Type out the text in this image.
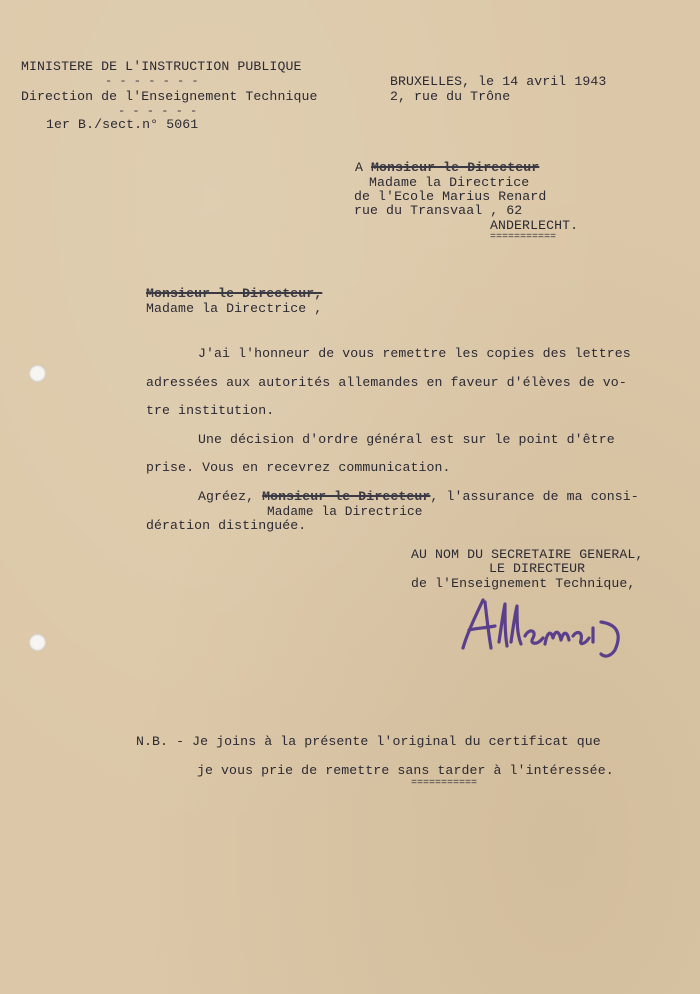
MINISTERE DE L'INSTRUCTION PUBLIQUE
- - - - - - -
Direction de l'Enseignement Technique
- - - - - -
1er B./sect.n° 5061
BRUXELLES, le 14 avril 1943
2, rue du Trône
A Monsieur le Directeur
Madame la Directrice
de l'Ecole Marius Renard
rue du Transvaal , 62
ANDERLECHT.
===========
Monsieur le Directeur,
Madame la Directrice ,
J'ai l'honneur de vous remettre les copies des lettres
adressées aux autorités allemandes en faveur d'élèves de vo-
tre institution.
Une décision d'ordre général est sur le point d'être
prise. Vous en recevrez communication.
Agréez, Monsieur le Directeur, l'assurance de ma consi-
Madame la Directrice
dération distinguée.
AU NOM DU SECRETAIRE GENERAL,
LE DIRECTEUR
de l'Enseignement Technique,
N.B. - Je joins à la présente l'original du certificat que
je vous prie de remettre sans tarder à l'intéressée.
===========
